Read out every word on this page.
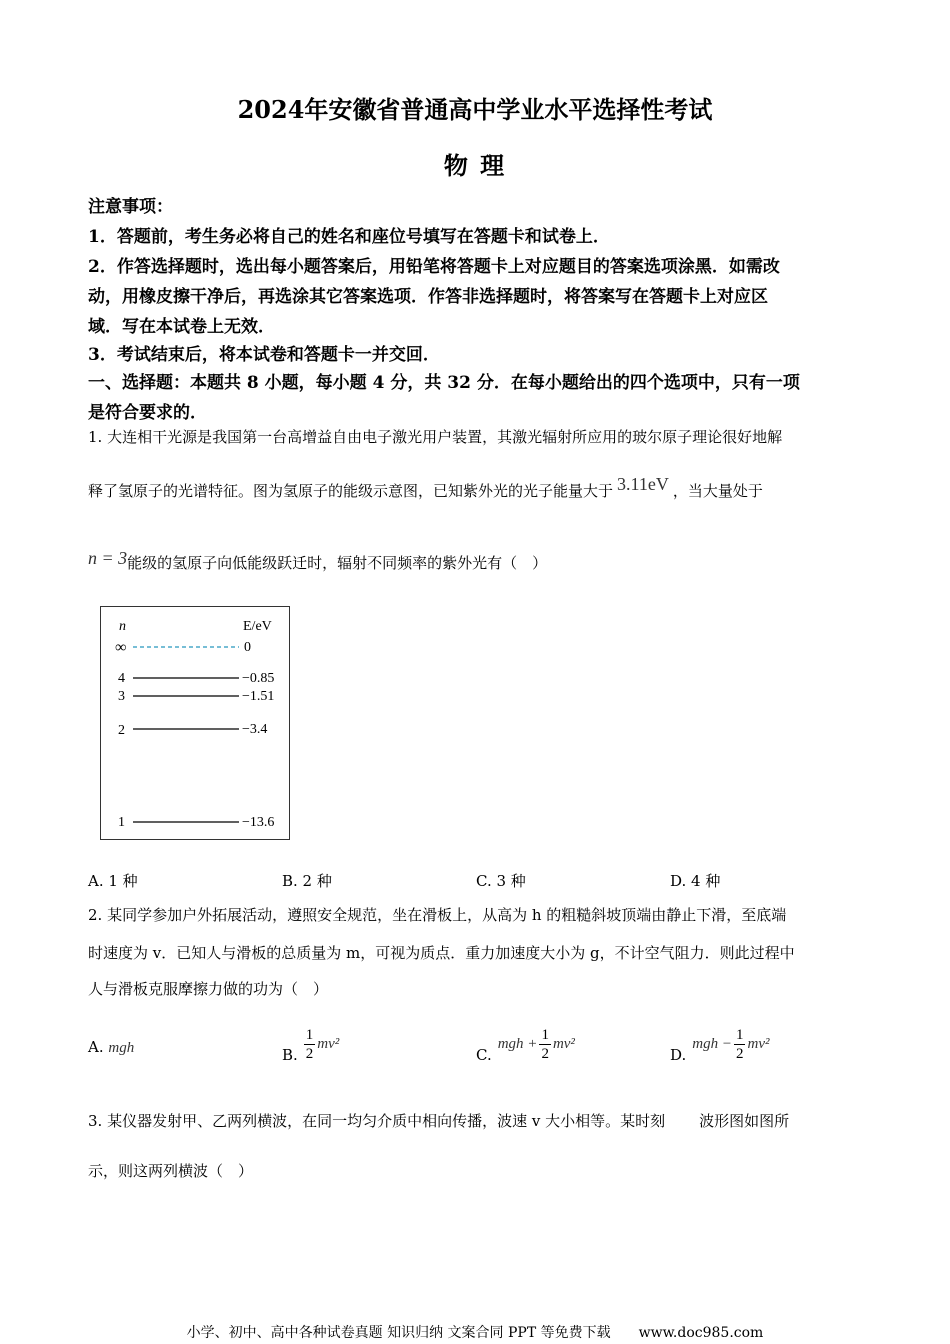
2024年安徽省普通高中学业水平选择性考试
物 理
注意事项：
1．答题前，考生务必将自己的姓名和座位号填写在答题卡和试卷上．
2．作答选择题时，选出每小题答案后，用铅笔将答题卡上对应题目的答案选项涂黑．如需改
动，用橡皮擦干净后，再选涂其它答案选项．作答非选择题时，将答案写在答题卡上对应区
域．写在本试卷上无效．
3．考试结束后，将本试卷和答题卡一并交回．
一、选择题：本题共 8 小题，每小题 4 分，共 32 分．在每小题给出的四个选项中，只有一项
是符合要求的．
1. 大连相干光源是我国第一台高增益自由电子激光用户装置，其激光辐射所应用的玻尔原子理论很好地解
释了氢原子的光谱特征。图为氢原子的能级示意图，已知紫外光的光子能量大于 3.11eV ，当大量处于
n = 3能级的氢原子向低能级跃迁时，辐射不同频率的紫外光有（　）
n	E/eV
∞	0
4	−0.85
3	−1.51
2	−3.4
1	−13.6
A. 1 种	B. 2 种	C. 3 种	D. 4 种
2. 某同学参加户外拓展活动，遵照安全规范，坐在滑板上，从高为 h 的粗糙斜坡顶端由静止下滑，至底端
时速度为 v．已知人与滑板的总质量为 m，可视为质点．重力加速度大小为 g，不计空气阻力．则此过程中
人与滑板克服摩擦力做的功为（　）
A. mgh	B. $\frac{1}{2} mv^2$
C.
mgh + $\frac{1}{2} mv^2$
D.
mgh − $\frac{1}{2} mv^2$
3. 某仪器发射甲、乙两列横波，在同一均匀介质中相向传播，波速 v 大小相等。某时刻 波形图如图所
示，则这两列横波（　）
小学、初中、高中各种试卷真题 知识归纳 文案合同 PPT 等免费下载　　www.doc985.com
